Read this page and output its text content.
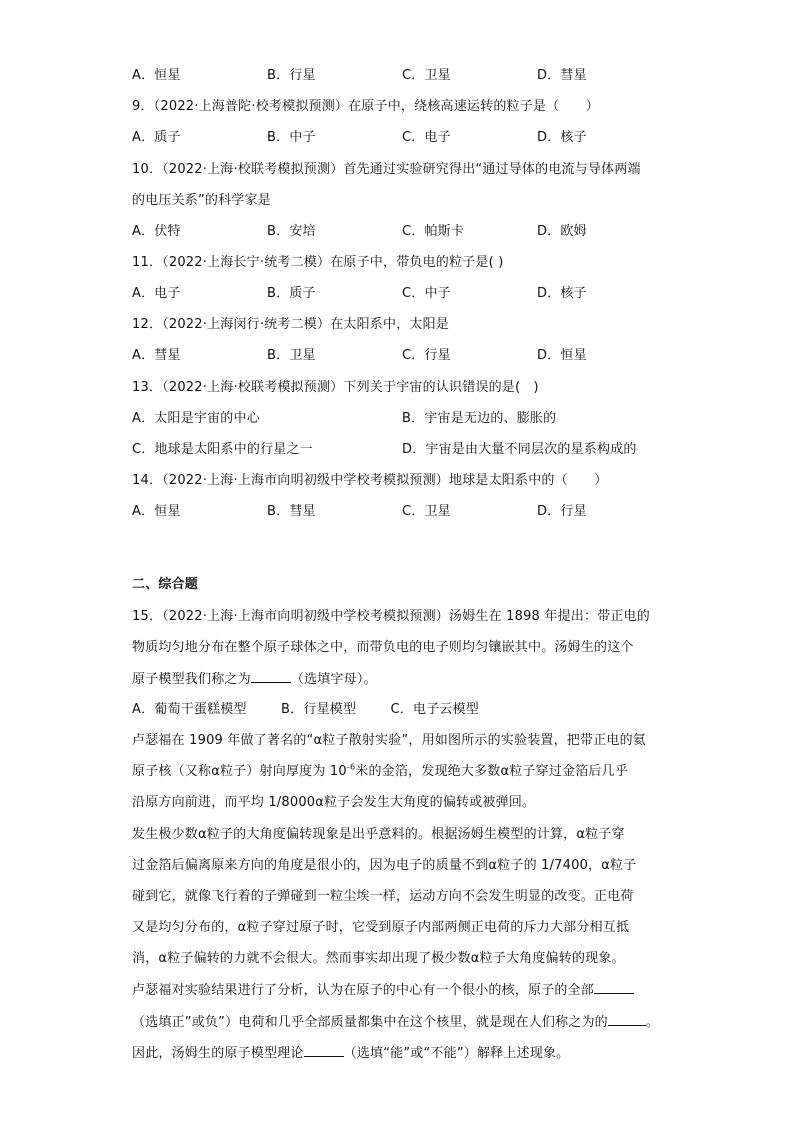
A．恒星	B．行星	C．卫星	D．彗星
9．（2022·上海普陀·校考模拟预测）在原子中，绕核高速运转的粒子是（　　）
A．质子	B．中子	C．电子	D．核子
10．（2022·上海·校联考模拟预测）首先通过实验研究得出“通过导体的电流与导体两端
的电压关系”的科学家是
A．伏特	B．安培	C．帕斯卡	D．欧姆
11．（2022·上海长宁·统考二模）在原子中，带负电的粒子是( )
A．电子	B．质子	C．中子	D．核子
12．（2022·上海闵行·统考二模）在太阳系中，太阳是
A．彗星	B．卫星	C．行星	D．恒星
13．（2022·上海·校联考模拟预测）下列关于宇宙的认识错误的是(　)
A．太阳是宇宙的中心	B．宇宙是无边的、膨胀的
C．地球是太阳系中的行星之一	D．宇宙是由大量不同层次的星系构成的
14．（2022·上海·上海市向明初级中学校考模拟预测）地球是太阳系中的（　　）
A．恒星	B．彗星	C．卫星	D．行星
二、综合题
15．（2022·上海·上海市向明初级中学校考模拟预测）汤姆生在 1898 年提出：带正电的
物质均匀地分布在整个原子球体之中，而带负电的电子则均匀镶嵌其中。汤姆生的这个
原子模型我们称之为	（选填字母）。
A．葡萄干蛋糕模型	B．行星模型	C．电子云模型
卢瑟福在 1909 年做了著名的“α粒子散射实验”，用如图所示的实验装置，把带正电的氦
原子核（又称α粒子）射向厚度为 $10^{-6}$米的金箔，发现绝大多数α粒子穿过金箔后几乎
沿原方向前进，而平均 1/8000α粒子会发生大角度的偏转或被弹回。
发生极少数α粒子的大角度偏转现象是出乎意料的。根据汤姆生模型的计算，α粒子穿
过金箔后偏离原来方向的角度是很小的，因为电子的质量不到α粒子的 1/7400，α粒子
碰到它，就像飞行着的子弹碰到一粒尘埃一样，运动方向不会发生明显的改变。正电荷
又是均匀分布的，α粒子穿过原子时，它受到原子内部两侧正电荷的斥力大部分相互抵
消，α粒子偏转的力就不会很大。然而事实却出现了极少数α粒子大角度偏转的现象。
卢瑟福对实验结果进行了分析，认为在原子的中心有一个很小的核，原子的全部
（选填正”或负”）电荷和几乎全部质量都集中在这个核里，就是现在人们称之为的	。
因此，汤姆生的原子模型理论	（选填“能”或“不能”）解释上述现象。
